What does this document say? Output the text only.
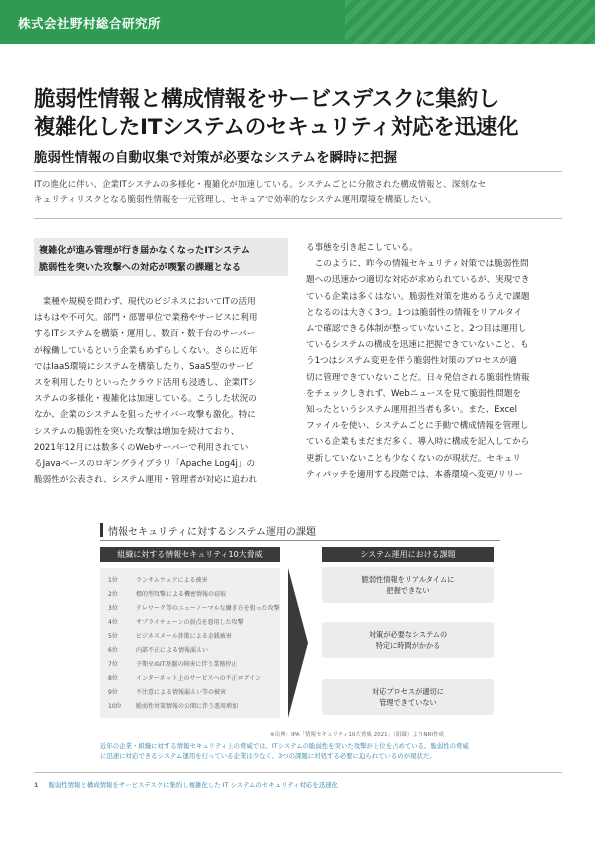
株式会社野村総合研究所
脆弱性情報と構成情報をサービスデスクに集約し
複雑化したITシステムのセキュリティ対応を迅速化
脆弱性情報の自動収集で対策が必要なシステムを瞬時に把握
ITの進化に伴い、企業ITシステムの多様化・複雑化が加速している。システムごとに分散された構成情報と、深刻なセ
キュリティリスクとなる脆弱性情報を一元管理し、セキュアで効率的なシステム運用環境を構築したい。
複雑化が進み管理が行き届かなくなったITシステム
脆弱性を突いた攻撃への対応が喫緊の課題となる
業種や規模を問わず、現代のビジネスにおいてITの活用
はもはや不可欠。部門・部署単位で業務やサービスに利用
するITシステムを構築・運用し、数百・数千台のサーバー
が稼働しているという企業もめずらしくない。さらに近年
ではIaaS環境にシステムを構築したり、SaaS型のサービ
スを利用したりといったクラウド活用も浸透し、企業ITシ
ステムの多様化・複雑化は加速している。こうした状況の
なか、企業のシステムを狙ったサイバー攻撃も激化。特に
システムの脆弱性を突いた攻撃は増加を続けており、
2021年12月には数多くのWebサーバーで利用されてい
るJavaベースのロギングライブラリ「Apache Log4j」の
脆弱性が公表され、システム運用・管理者が対応に追われ
る事態を引き起こしている。
このように、昨今の情報セキュリティ対策では脆弱性問
題への迅速かつ適切な対応が求められているが、実現でき
ている企業は多くはない。脆弱性対策を進めるうえで課題
となるのは大きく3つ。1つは脆弱性の情報をリアルタイ
ムで確認できる体制が整っていないこと、2つ目は運用し
ているシステムの構成を迅速に把握できていないこと、も
う1つはシステム変更を伴う脆弱性対策のプロセスが適
切に管理できていないことだ。日々発信される脆弱性情報
をチェックしきれず、Webニュースを見て脆弱性問題を
知ったというシステム運用担当者も多い。また、Excel
ファイルを使い、システムごとに手動で構成情報を管理し
ている企業もまだまだ多く、導入時に構成を記入してから
更新していないことも少なくないのが現状だ。セキュリ
ティパッチを適用する段階では、本番環境へ変更/リリー
情報セキュリティに対するシステム運用の課題
組織に対する情報セキュリティ10大脅威	システム運用における課題
1位	ランサムウェアによる被害
2位	標的型攻撃による機密情報の窃取
3位	テレワーク等のニューノーマルな働き方を狙った攻撃
4位	サプライチェーンの弱点を悪用した攻撃
5位	ビジネスメール詐欺による金銭被害
6位	内部不正による情報漏えい
7位	予期せぬIT基盤の障害に伴う業務停止
8位	インターネット上のサービスへの不正ログイン
9位	不注意による情報漏えい等の被害
10位 脆弱性対策情報の公開に伴う悪用増加
脆弱性情報をリアルタイムに
把握できない
対策が必要なシステムの
特定に時間がかかる
対応プロセスが適切に
管理できていない
※出典：IPA「情報セキュリティ10大脅威 2021」（組織）よりNRI作成
近年の企業・組織に対する情報セキュリティ上の脅威では、ITシステムの脆弱性を突いた攻撃が上位を占めている。脆弱性の脅威
に迅速に対応できるシステム運用を行っている企業は少なく、3つの課題に対処する必要に迫られているのが現状だ。
1 脆弱性情報と構成情報をサービスデスクに集約し複雑化した IT システムのセキュリティ対応を迅速化
